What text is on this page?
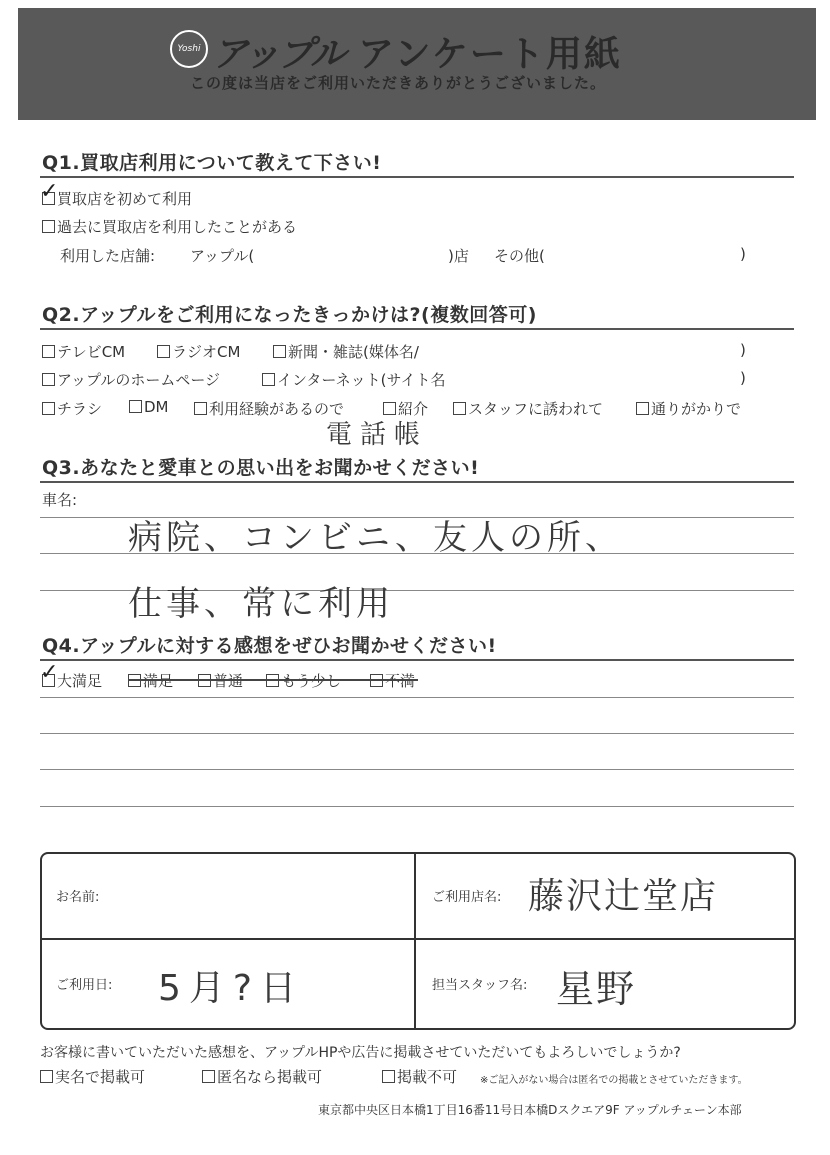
Yoshi アップル アンケート用紙
この度は当店をご利用いただきありがとうございました。
Q1.買取店利用について教えて下さい!
買取店を初めて利用
✓
過去に買取店を利用したことがある
利用した店舗: アップル(	)店 その他(	)
Q2.アップルをご利用になったきっかけは?(複数回答可)
テレビCM	ラジオCM	新聞・雑誌(媒体名/	)
アップルのホームページ	インターネット(サイト名	)
チラシ	DM	利用経験があるので	紹介	スタッフに誘われて	通りがかりで
電話帳
Q3.あなたと愛車との思い出をお聞かせください!
車名:
病院、コンビニ、友人の所、
仕事、常に利用
Q4.アップルに対する感想をぜひお聞かせください!
大満足
✓	満足	普通	もう少し	不満
お名前:	ご利用店名: 藤沢辻堂店
ご利用日: 5月?日	担当スタッフ名: 星野
お客様に書いていただいた感想を、アップルHPや広告に掲載させていただいてもよろしいでしょうか?
実名で掲載可	匿名なら掲載可	掲載不可 ※ご記入がない場合は匿名での掲載とさせていただきます。
東京都中央区日本橋1丁目16番11号日本橋Dスクエア9F アップルチェーン本部
